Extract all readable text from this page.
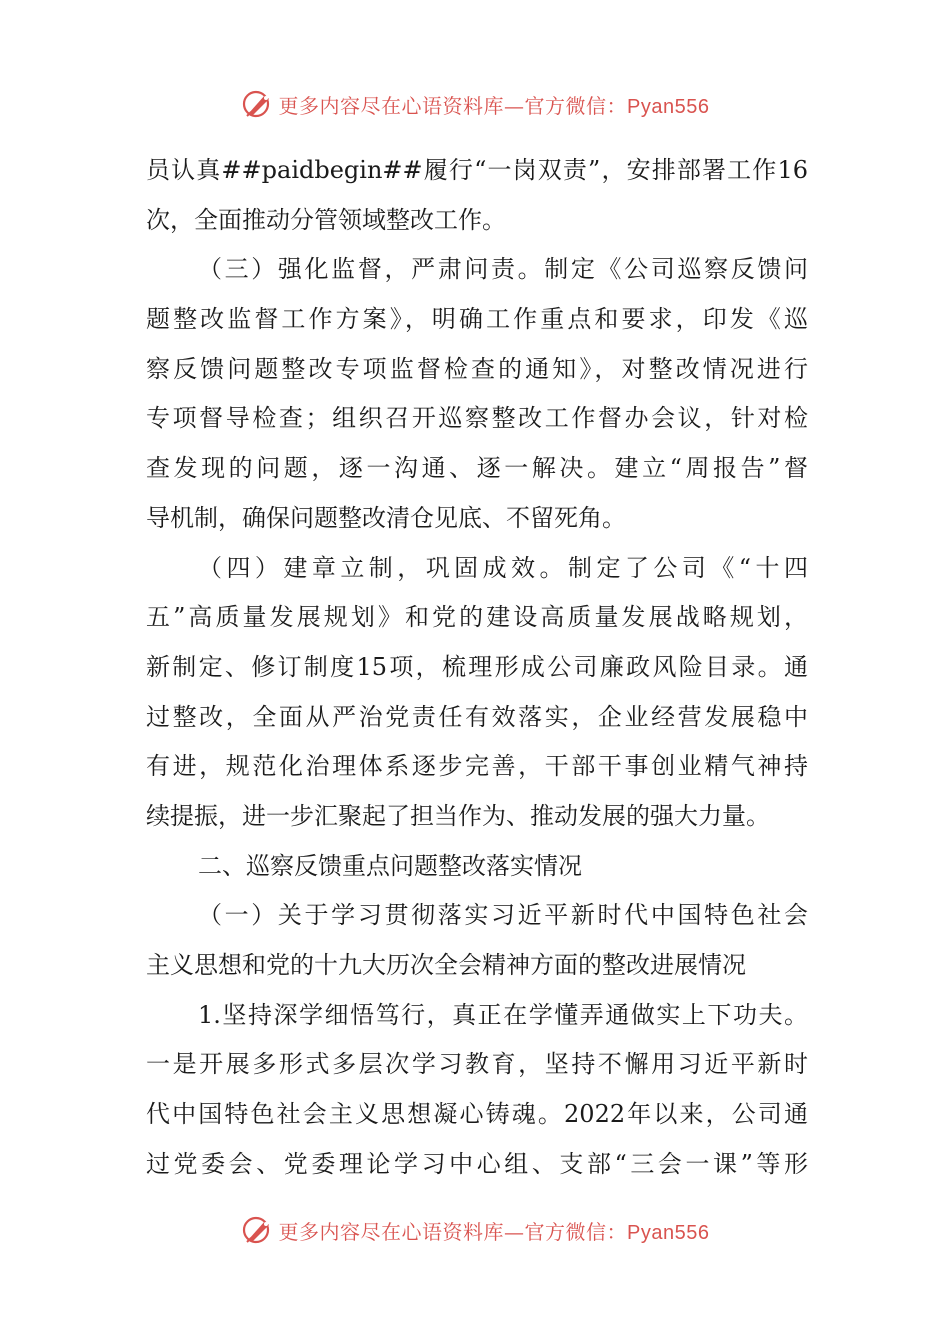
更多内容尽在心语资料库—官方微信：Pyan556
员认真##paidbegin##履行“一岗双责”，安排部署工作16
次，全面推动分管领域整改工作。
（三）强化监督，严肃问责。制定《公司巡察反馈问
题整改监督工作方案》，明确工作重点和要求，印发《巡
察反馈问题整改专项监督检查的通知》，对整改情况进行
专项督导检查；组织召开巡察整改工作督办会议，针对检
查发现的问题，逐一沟通、逐一解决。建立“周报告”督
导机制，确保问题整改清仓见底、不留死角。
（四）建章立制，巩固成效。制定了公司《“十四
五”高质量发展规划》和党的建设高质量发展战略规划，
新制定、修订制度15项，梳理形成公司廉政风险目录。通
过整改，全面从严治党责任有效落实，企业经营发展稳中
有进，规范化治理体系逐步完善，干部干事创业精气神持
续提振，进一步汇聚起了担当作为、推动发展的强大力量。
二、巡察反馈重点问题整改落实情况
（一）关于学习贯彻落实习近平新时代中国特色社会
主义思想和党的十九大历次全会精神方面的整改进展情况
1.坚持深学细悟笃行，真正在学懂弄通做实上下功夫。
一是开展多形式多层次学习教育，坚持不懈用习近平新时
代中国特色社会主义思想凝心铸魂。2022年以来，公司通
过党委会、党委理论学习中心组、支部“三会一课”等形
更多内容尽在心语资料库—官方微信：Pyan556
